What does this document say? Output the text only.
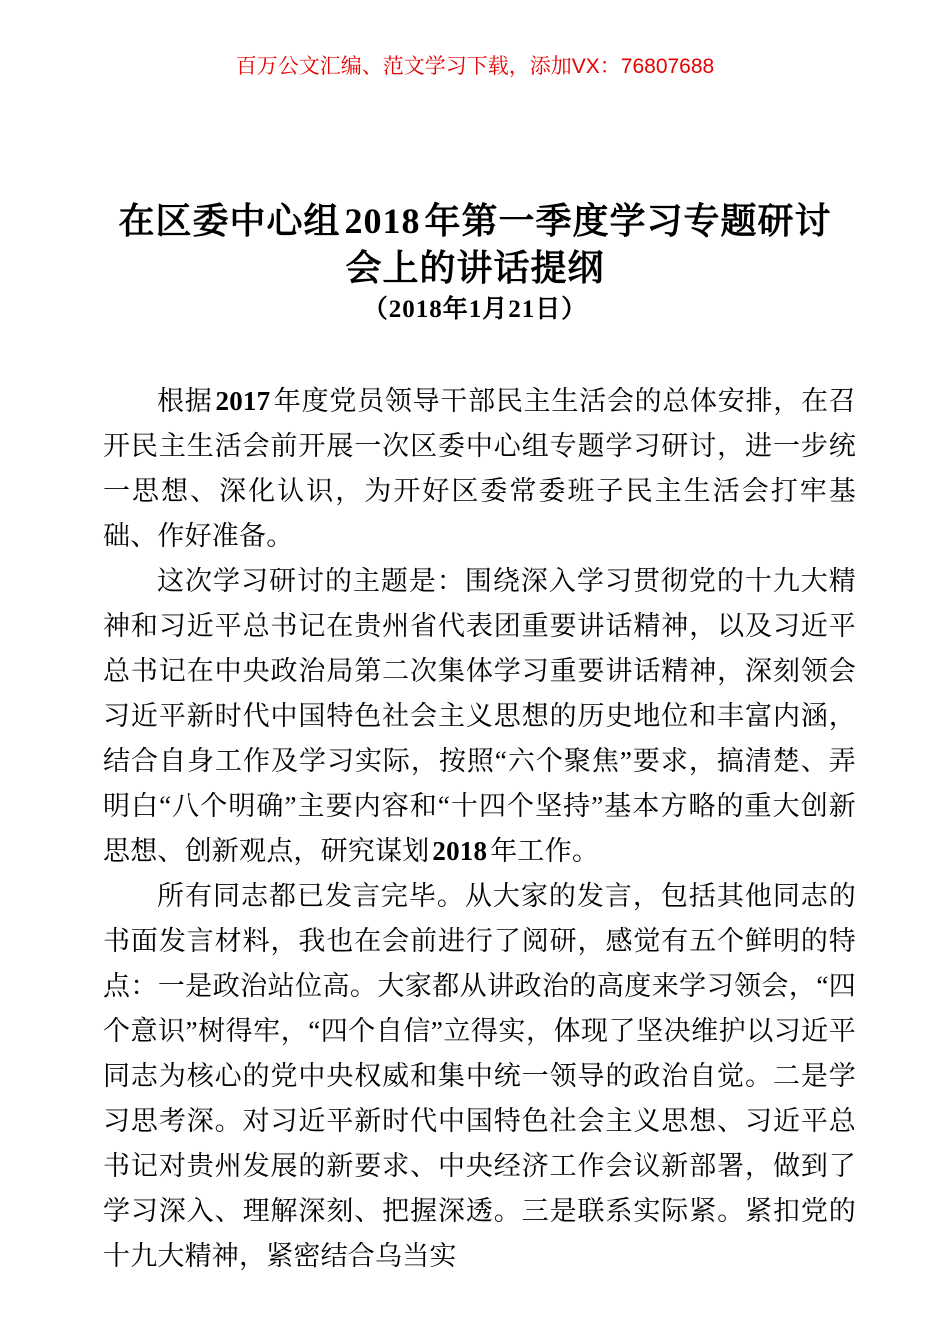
百万公文汇编、范文学习下载，添加VX：76807688
在区委中心组 2018 年第一季度学习专题研讨
会上的讲话提纲
（2018年1月21日）

根据 2017 年度党员领导干部民主生活会的总体安排，在召开民主生活会前开展一次区委中心组专题学习研讨，进一步统一思想、深化认识，为开好区委常委班子民主生活会打牢基础、作好准备。

这次学习研讨的主题是：围绕深入学习贯彻党的十九大精神和习近平总书记在贵州省代表团重要讲话精神，以及习近平总书记在中央政治局第二次集体学习重要讲话精神，深刻领会习近平新时代中国特色社会主义思想的历史地位和丰富内涵，结合自身工作及学习实际，按照“六个聚焦”要求，搞清楚、弄明白“八个明确”主要内容和“十四个坚持”基本方略的重大创新思想、创新观点，研究谋划 2018 年工作。

所有同志都已发言完毕。从大家的发言，包括其他同志的书面发言材料，我也在会前进行了阅研，感觉有五个鲜明的特点：一是政治站位高。大家都从讲政治的高度来学习领会，“四个意识”树得牢，“四个自信”立得实，体现了坚决维护以习近平同志为核心的党中央权威和集中统一领导的政治自觉。二是学习思考深。对习近平新时代中国特色社会主义思想、习近平总书记对贵州发展的新要求、中央经济工作会议新部署，做到了学习深入、理解深刻、把握深透。三是联系实际紧。紧扣党的十九大精神，紧密结合乌当实
